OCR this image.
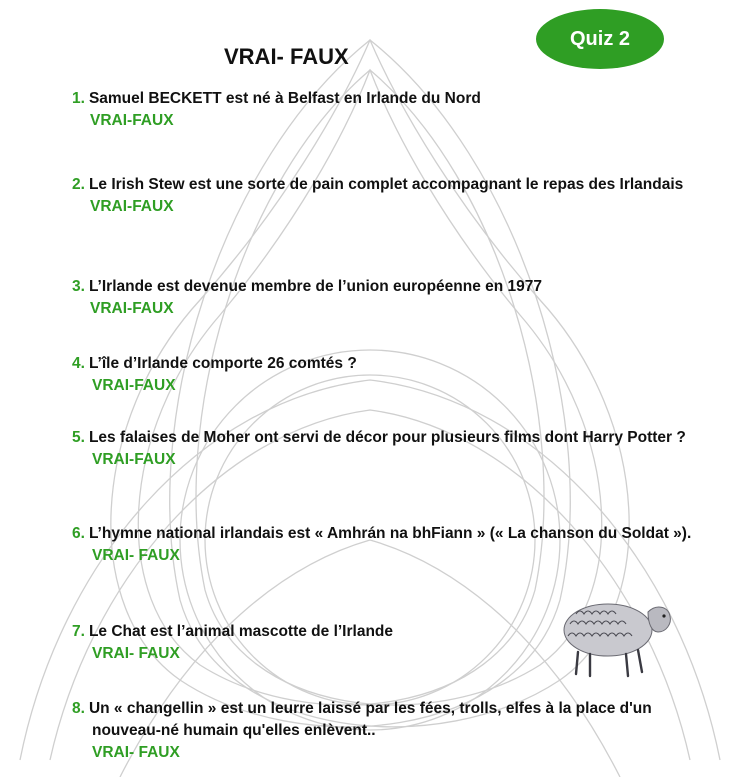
Quiz 2
VRAI- FAUX
1. Samuel BECKETT est né à Belfast en Irlande du Nord
VRAI-FAUX
2. Le Irish Stew est une sorte de pain complet accompagnant le repas des Irlandais
VRAI-FAUX
3. L’Irlande est devenue membre de l’union européenne en 1977
VRAI-FAUX
4. L’île d’Irlande comporte 26 comtés ?
VRAI-FAUX
5. Les falaises de Moher ont servi de décor pour plusieurs films dont Harry Potter ?
VRAI-FAUX
6. L’hymne national irlandais est « Amhrán na bhFiann » (« La chanson du Soldat »).
VRAI- FAUX
7. Le Chat est l’animal mascotte de l’Irlande
VRAI- FAUX
8. Un « changellin » est un leurre laissé par les fées, trolls, elfes à la place d'un nouveau-né humain qu'elles enlèvent..
VRAI- FAUX
